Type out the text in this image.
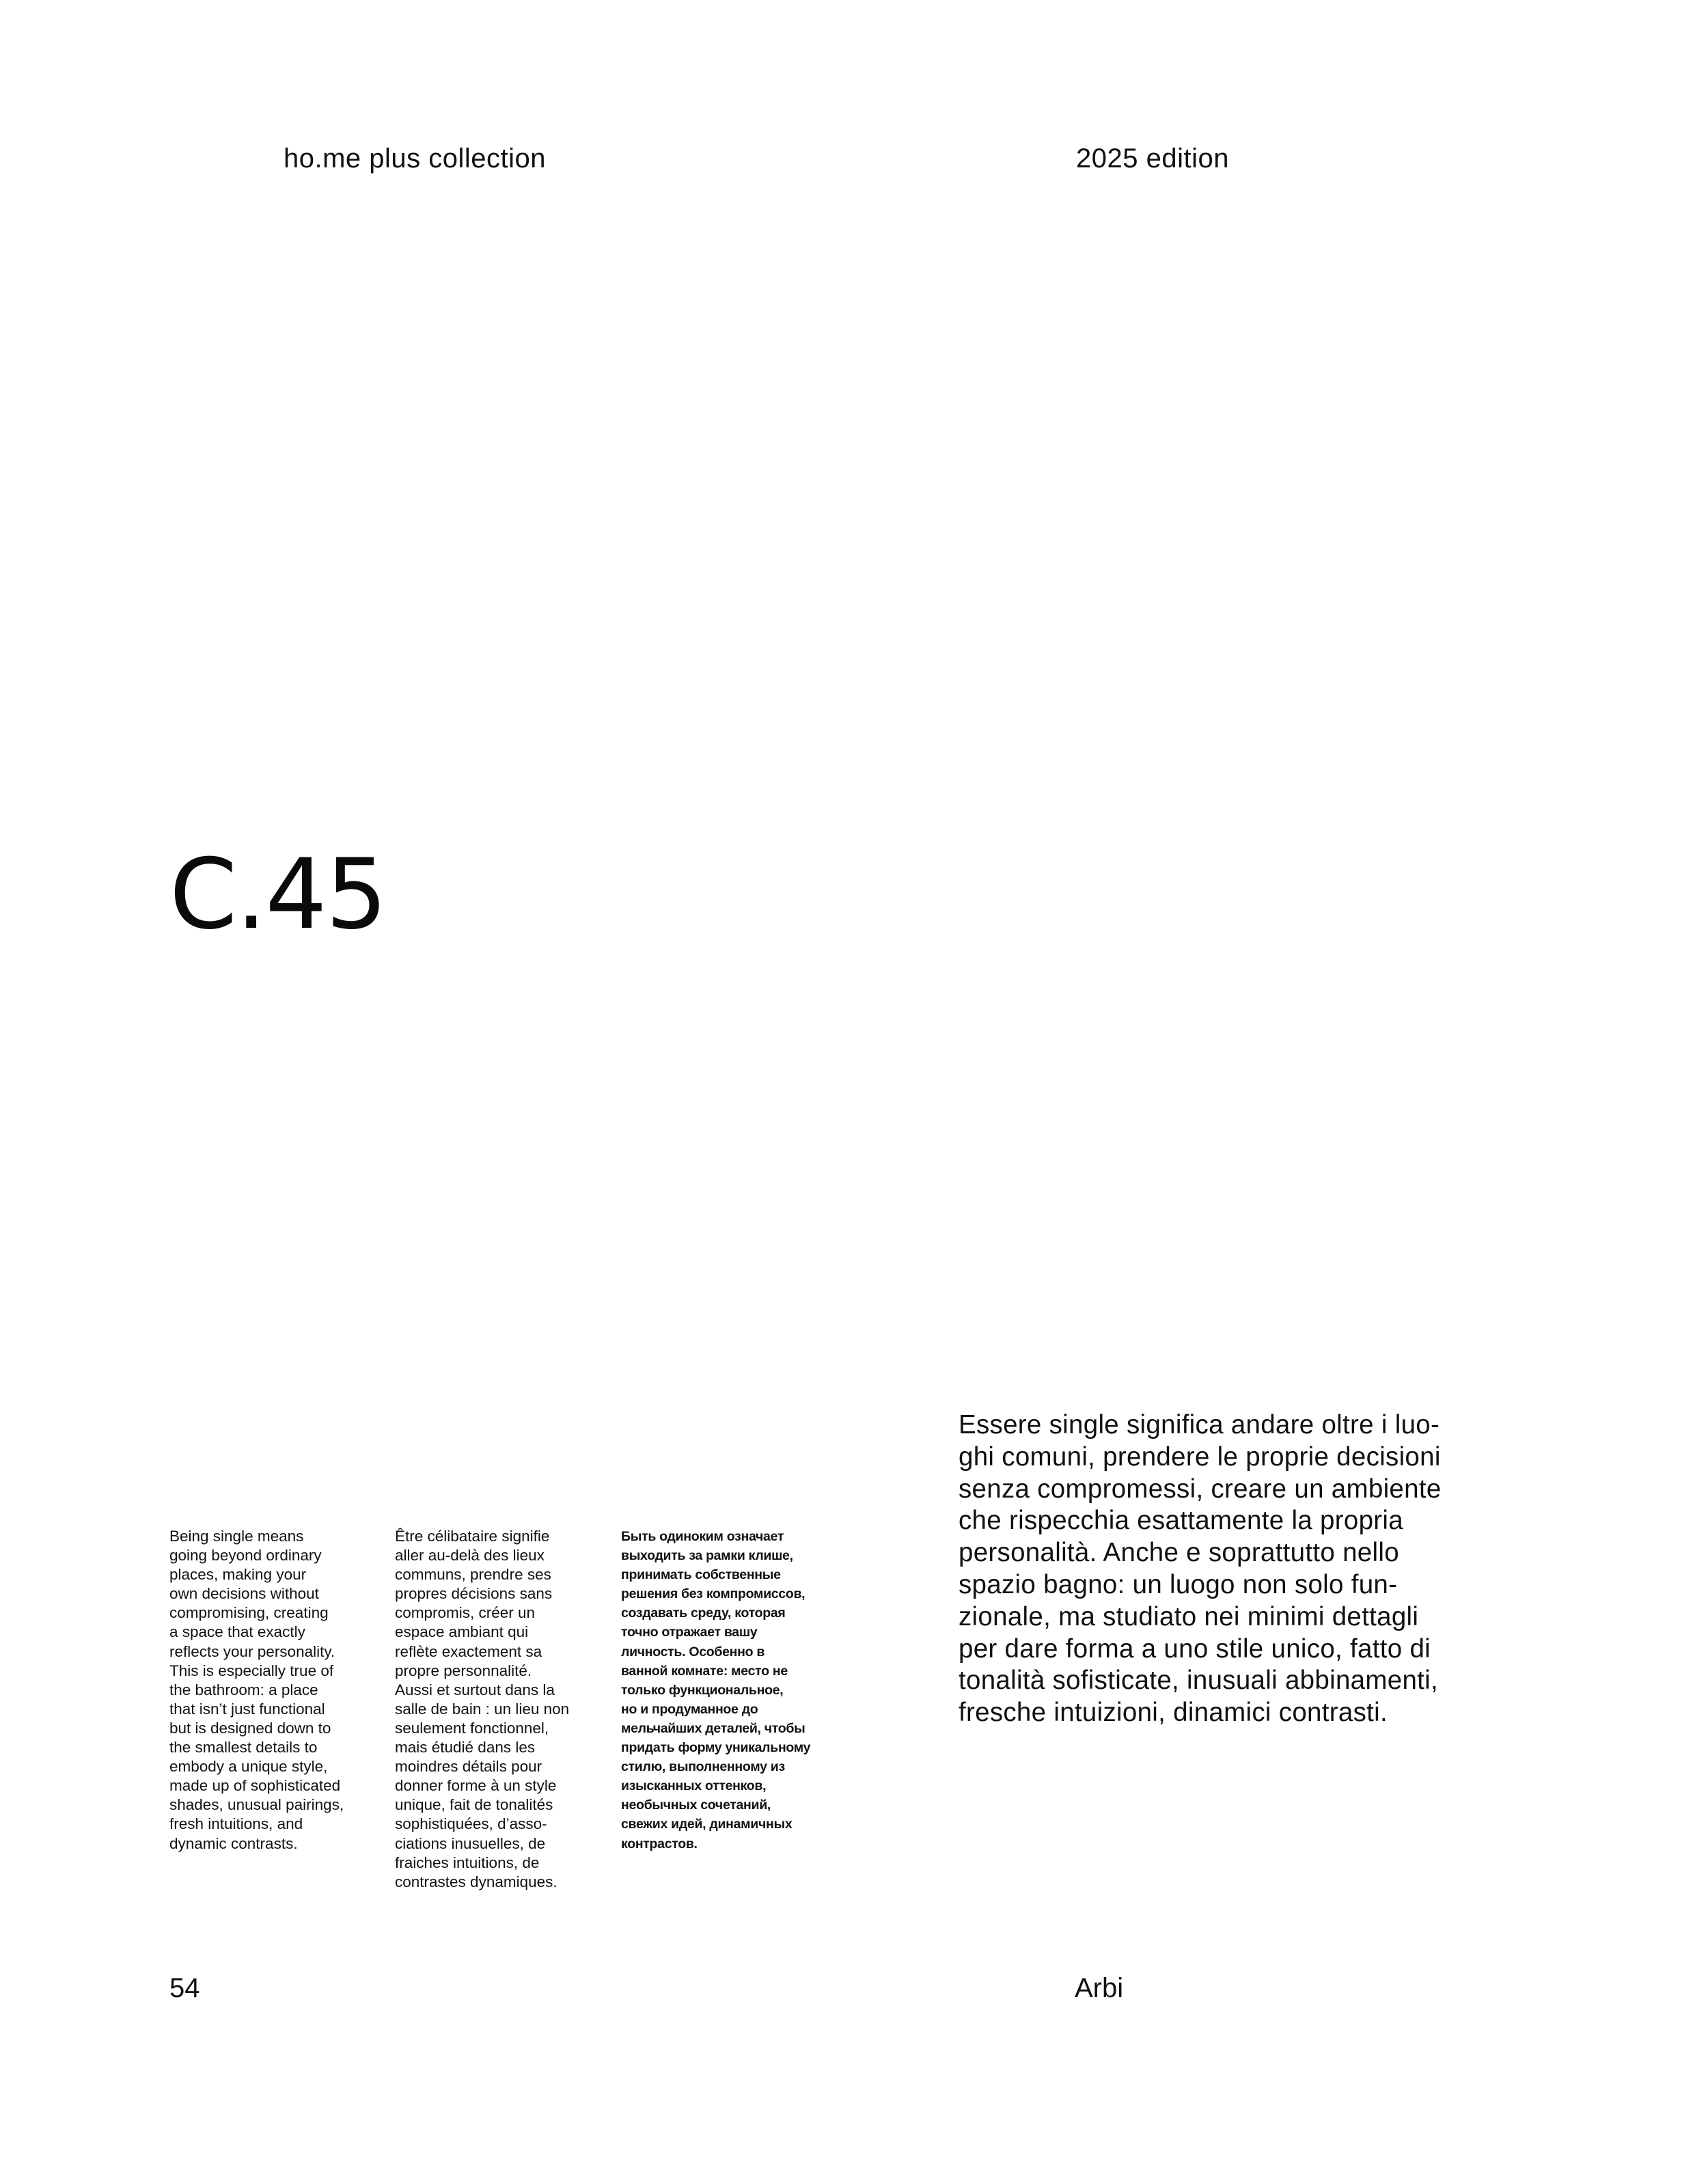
ho.me plus collection	2025 edition
C.45
Being single means
going beyond ordinary
places, making your
own decisions without
compromising, creating
a space that exactly
reflects your personality.
This is especially true of
the bathroom: a place
that isn’t just functional
but is designed down to
the smallest details to
embody a unique style,
made up of sophisticated
shades, unusual pairings,
fresh intuitions, and
dynamic contrasts.
Être célibataire signifie
aller au-delà des lieux
communs, prendre ses
propres décisions sans
compromis, créer un
espace ambiant qui
reflète exactement sa
propre personnalité.
Aussi et surtout dans la
salle de bain : un lieu non
seulement fonctionnel,
mais étudié dans les
moindres détails pour
donner forme à un style
unique, fait de tonalités
sophistiquées, d’asso-
ciations inusuelles, de
fraiches intuitions, de
contrastes dynamiques.
Быть одиноким означает
выходить за рамки клише,
принимать собственные
решения без компромиссов,
создавать среду, которая
точно отражает вашу
личность. Особенно в
ванной комнате: место не
только функциональное,
но и продуманное до
мельчайших деталей, чтобы
придать форму уникальному
стилю, выполненному из
изысканных оттенков,
необычных сочетаний,
свежих идей, динамичных
контрастов.
Essere single significa andare oltre i luo-
ghi comuni, prendere le proprie decisioni
senza compromessi, creare un ambiente
che rispecchia esattamente la propria
personalità. Anche e soprattutto nello
spazio bagno: un luogo non solo fun-
zionale, ma studiato nei minimi dettagli
per dare forma a uno stile unico, fatto di
tonalità sofisticate, inusuali abbinamenti,
fresche intuizioni, dinamici contrasti.
54	Arbi
